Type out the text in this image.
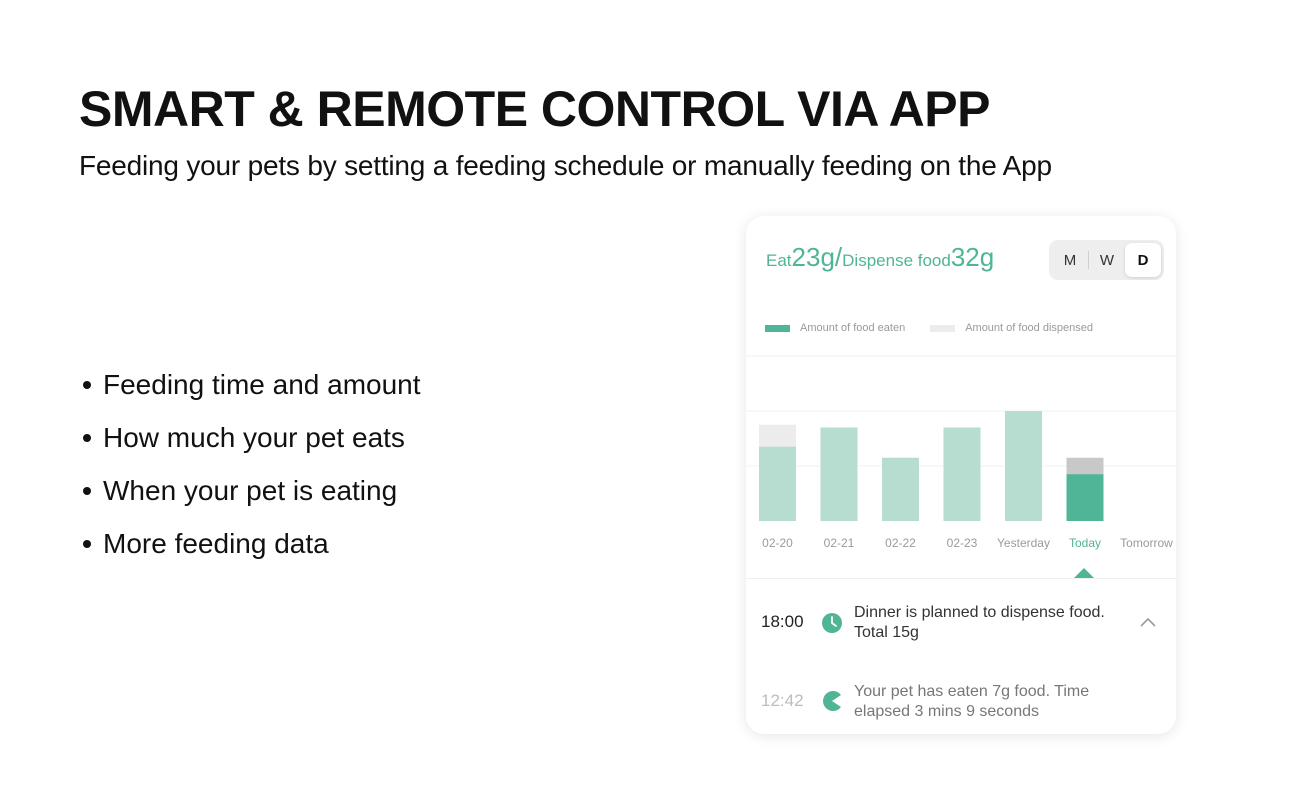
SMART & REMOTE CONTROL VIA APP
Feeding your pets by setting a feeding schedule or manually feeding on the App
Feeding time and amount
How much your pet eats
When your pet is eating
More feeding data
Eat23g/Dispense food32g	M	W	D
Amount of food eaten	Amount of food dispensed
02-20	02-21	02-22	02-23 Yesterday Today Tomorrow
18:00	Dinner is planned to dispense food. Total 15g
12:42	Your pet has eaten 7g food. Time elapsed 3 mins 9 seconds
